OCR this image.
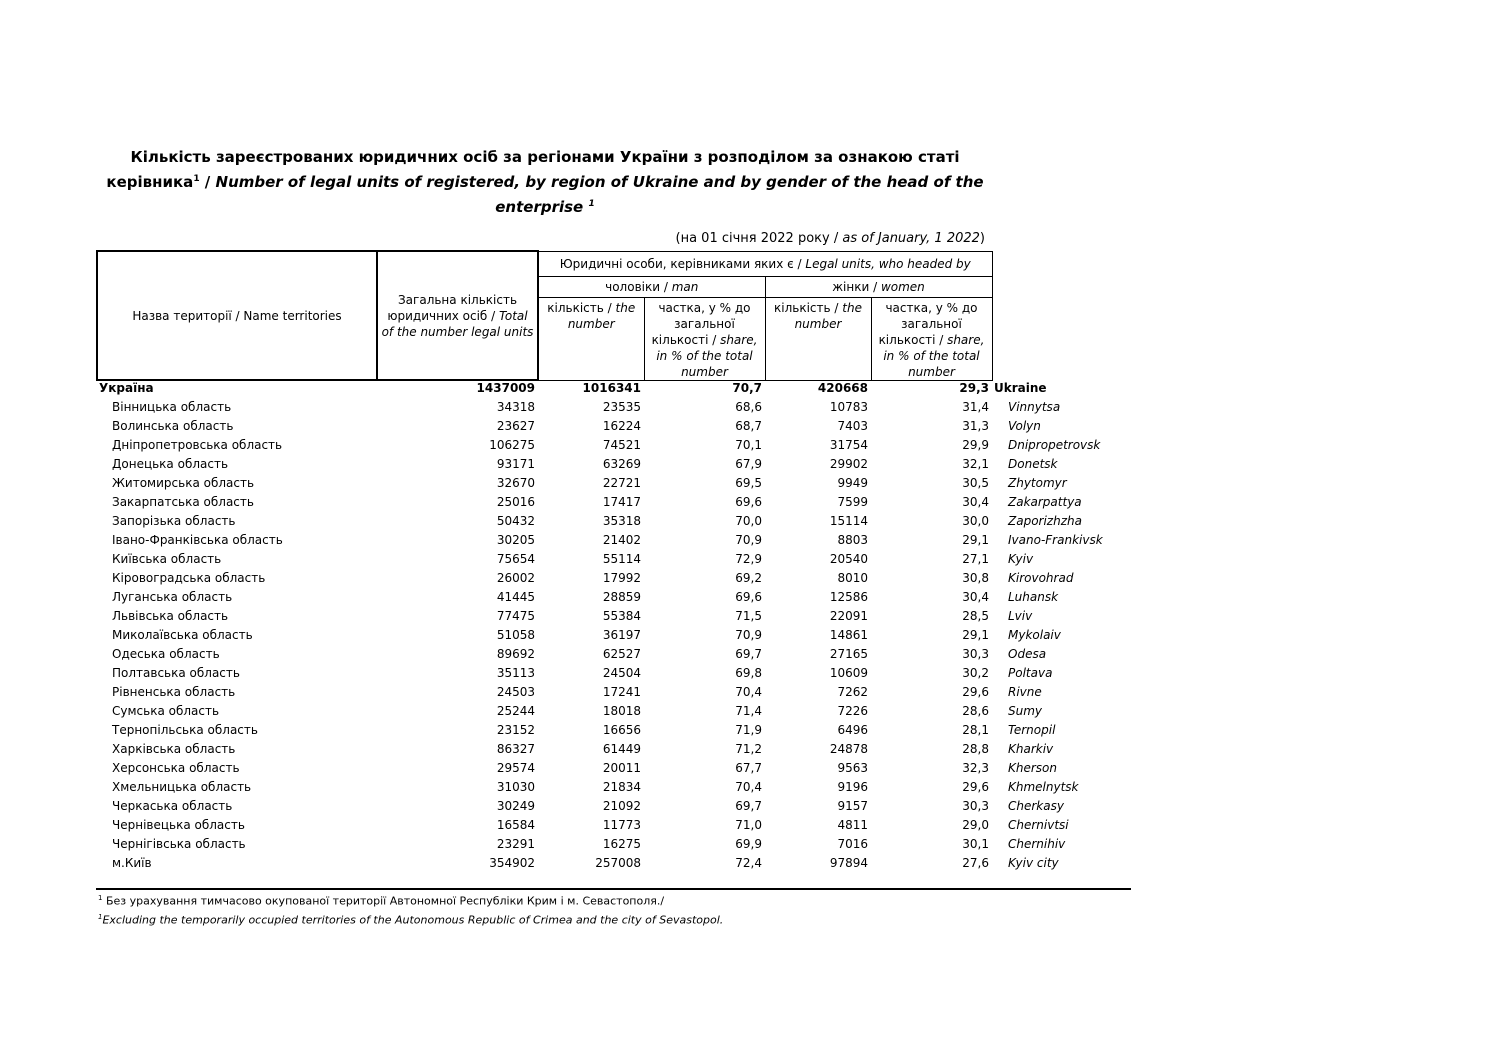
Кількість зареєстрованих юридичних осіб за регіонами України з розподілом за ознакою статі керівника$^1$ / Number of legal units of registered, by region of Ukraine and by gender of the head of the enterprise $^1$
(на 01 січня 2022 року / as of January, 1 2022)
Назва території / Name territories	Загальна кількість юридичних осіб / Total of the number legal units	Юридичні особи, керівниками яких є / Legal units, who headed by			
		чоловіки / man		жінки / women	
		кількість / the number	частка, у % до загальної кількості / share, in % of the total number	кількість / the number	частка, у % до загальної кількості / share, in % of the total number
Україна	1437009	1016341	70,7	420668	29,3	Ukraine
Вінницька область	34318	23535	68,6	10783	31,4	Vinnytsa
Волинська область	23627	16224	68,7	7403	31,3	Volyn
Дніпропетровська область	106275	74521	70,1	31754	29,9	Dnipropetrovsk
Донецька область	93171	63269	67,9	29902	32,1	Donetsk
Житомирська область	32670	22721	69,5	9949	30,5	Zhytomyr
Закарпатська область	25016	17417	69,6	7599	30,4	Zakarpattya
Запорізька область	50432	35318	70,0	15114	30,0	Zaporizhzha
Івано-Франківська область	30205	21402	70,9	8803	29,1	Ivano-Frankivsk
Київська область	75654	55114	72,9	20540	27,1	Kyiv
Кіровоградська область	26002	17992	69,2	8010	30,8	Kirovohrad
Луганська область	41445	28859	69,6	12586	30,4	Luhansk
Львівська область	77475	55384	71,5	22091	28,5	Lviv
Миколаївська область	51058	36197	70,9	14861	29,1	Mykolaiv
Одеська область	89692	62527	69,7	27165	30,3	Odesa
Полтавська область	35113	24504	69,8	10609	30,2	Poltava
Рівненська область	24503	17241	70,4	7262	29,6	Rivne
Сумська область	25244	18018	71,4	7226	28,6	Sumy
Тернопільська область	23152	16656	71,9	6496	28,1	Ternopil
Харківська область	86327	61449	71,2	24878	28,8	Kharkiv
Херсонська область	29574	20011	67,7	9563	32,3	Kherson
Хмельницька область	31030	21834	70,4	9196	29,6	Khmelnytsk
Черкаська область	30249	21092	69,7	9157	30,3	Cherkasy
Чернівецька область	16584	11773	71,0	4811	29,0	Chernivtsi
Чернігівська область	23291	16275	69,9	7016	30,1	Chernihiv
м.Київ	354902	257008	72,4	97894	27,6	Kyiv city
$^1$ Без урахування тимчасово окупованої території Автономної Республіки Крим і м. Севастополя./
$^1$Excluding the temporarily occupied territories of the Autonomous Republic of Crimea and the city of Sevastopol.
